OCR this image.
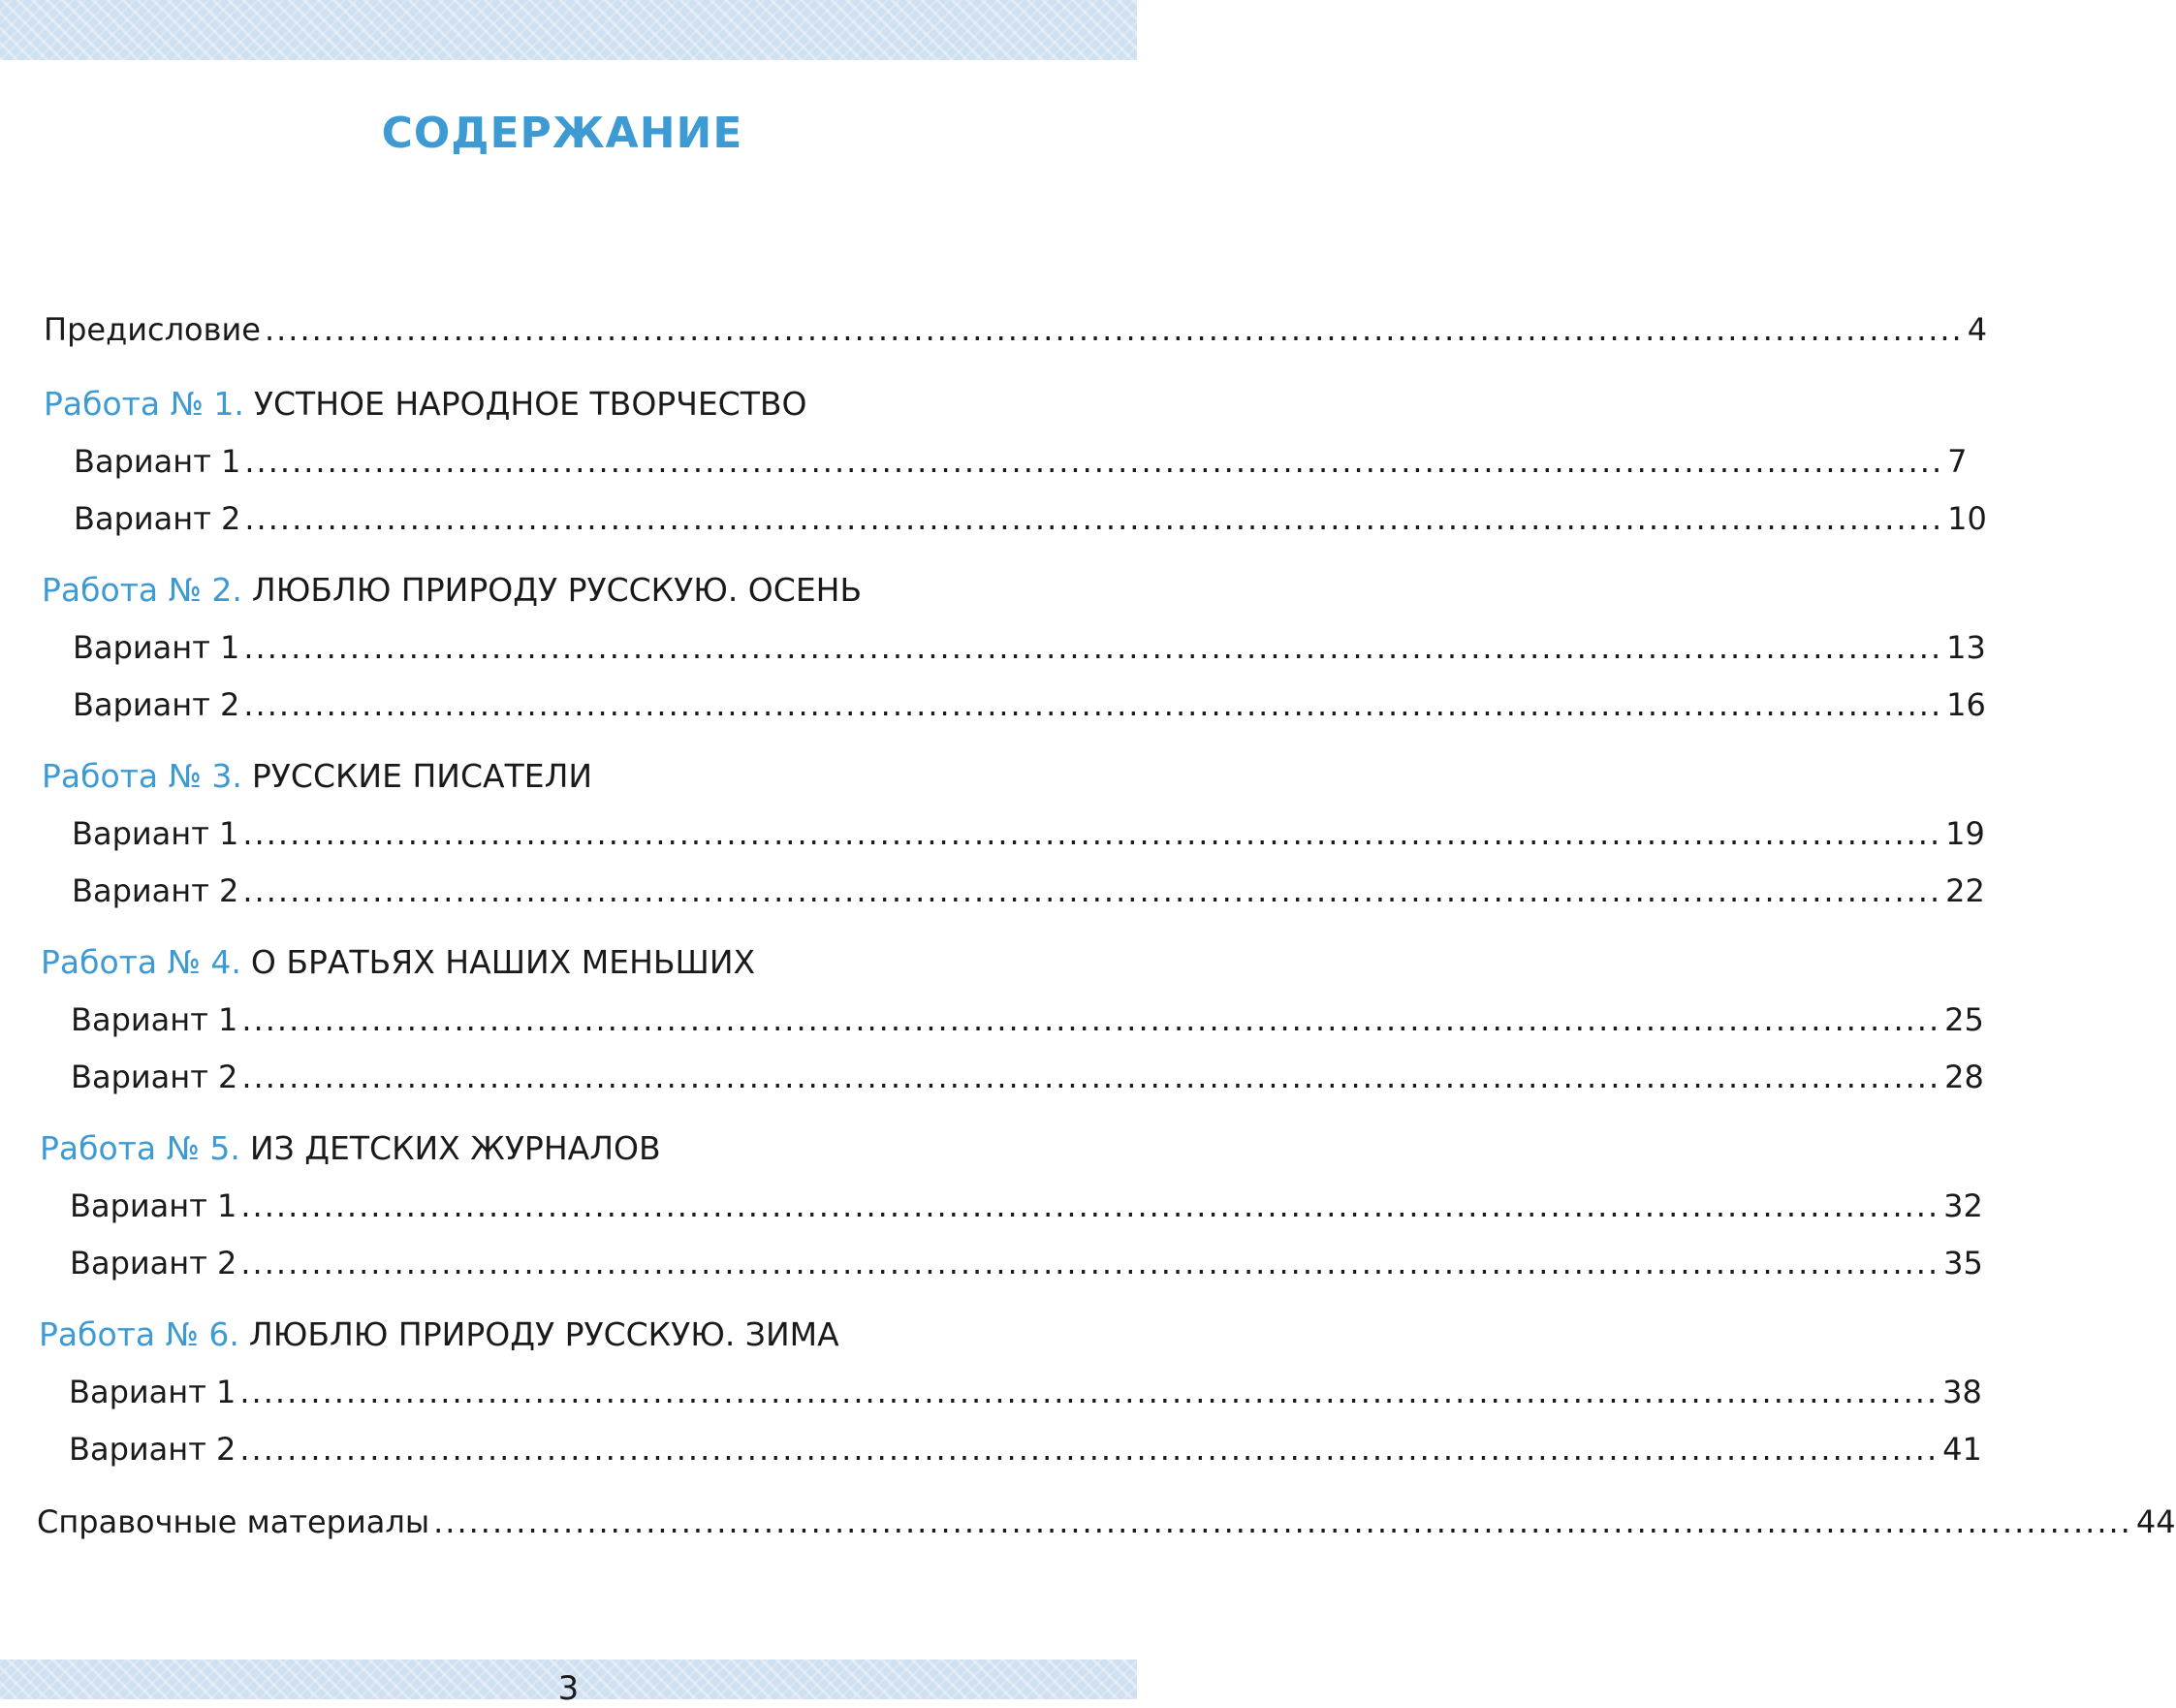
СОДЕРЖАНИЕ
Предисловие ................................................................................................................................................ 4
Работа № 1. УСТНОЕ НАРОДНОЕ ТВОРЧЕСТВО
Вариант 1 ................................................................................................................................................ 7
Вариант 2 ................................................................................................................................................ 10
Работа № 2. ЛЮБЛЮ ПРИРОДУ РУССКУЮ. ОСЕНЬ
Вариант 1 ................................................................................................................................................ 13
Вариант 2 ................................................................................................................................................ 16
Работа № 3. РУССКИЕ ПИСАТЕЛИ
Вариант 1 ................................................................................................................................................ 19
Вариант 2 ................................................................................................................................................ 22
Работа № 4. О БРАТЬЯХ НАШИХ МЕНЬШИХ
Вариант 1 ................................................................................................................................................ 25
Вариант 2 ................................................................................................................................................ 28
Работа № 5. ИЗ ДЕТСКИХ ЖУРНАЛОВ
Вариант 1 ................................................................................................................................................ 32
Вариант 2 ................................................................................................................................................ 35
Работа № 6. ЛЮБЛЮ ПРИРОДУ РУССКУЮ. ЗИМА
Вариант 1 ................................................................................................................................................ 38
Вариант 2 ................................................................................................................................................ 41
Справочные материалы ................................................................................................................................................ 44
3
